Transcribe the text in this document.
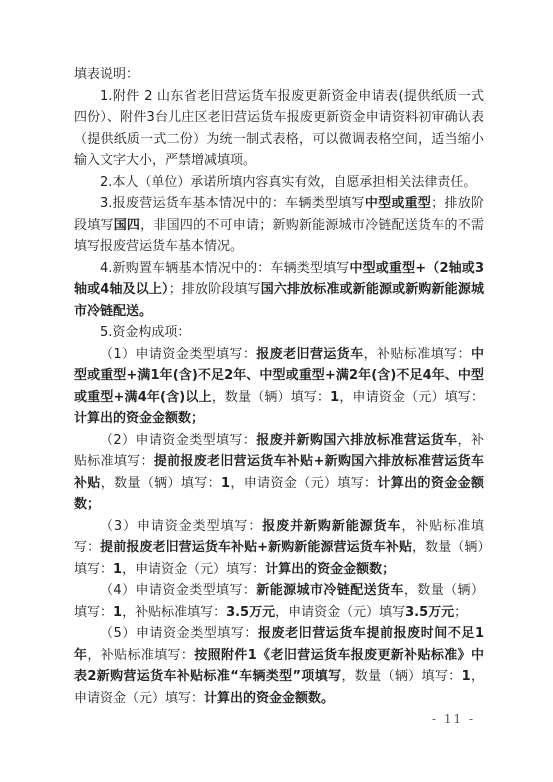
填表说明：

1.附件 2 山东省老旧营运货车报废更新资金申请表(提供纸质一式四份）、附件3台儿庄区老旧营运货车报废更新资金申请资料初审确认表（提供纸质一式二份）为统一制式表格，可以微调表格空间，适当缩小输入文字大小，严禁增减填项。

2.本人（单位）承诺所填内容真实有效，自愿承担相关法律责任。

3.报废营运货车基本情况中的：车辆类型填写中型或重型；排放阶段填写国四，非国四的不可申请；新购新能源城市冷链配送货车的不需填写报废营运货车基本情况。

4.新购置车辆基本情况中的：车辆类型填写中型或重型+（2轴或3轴或4轴及以上）；排放阶段填写国六排放标准或新能源或新购新能源城市冷链配送。

5.资金构成项：

（1）申请资金类型填写：报废老旧营运货车，补贴标准填写：中型或重型+满1年(含)不足2年、中型或重型+满2年(含)不足4年、中型或重型+满4年(含)以上，数量（辆）填写：1，申请资金（元）填写：计算出的资金金额数；

（2）申请资金类型填写：报废并新购国六排放标准营运货车，补贴标准填写：提前报废老旧营运货车补贴+新购国六排放标准营运货车补贴，数量（辆）填写：1，申请资金（元）填写：计算出的资金金额数；

（3）申请资金类型填写：报废并新购新能源货车，补贴标准填写：提前报废老旧营运货车补贴+新购新能源营运货车补贴，数量（辆）填写：1，申请资金（元）填写：计算出的资金金额数；

（4）申请资金类型填写：新能源城市冷链配送货车，数量（辆）填写：1，补贴标准填写：3.5万元，申请资金（元）填写3.5万元；

（5）申请资金类型填写：报废老旧营运货车提前报废时间不足1年，补贴标准填写：按照附件1《老旧营运货车报废更新补贴标准》中表2新购营运货车补贴标准“车辆类型”项填写，数量（辆）填写：1，申请资金（元）填写：计算出的资金金额数。

- 11 -
